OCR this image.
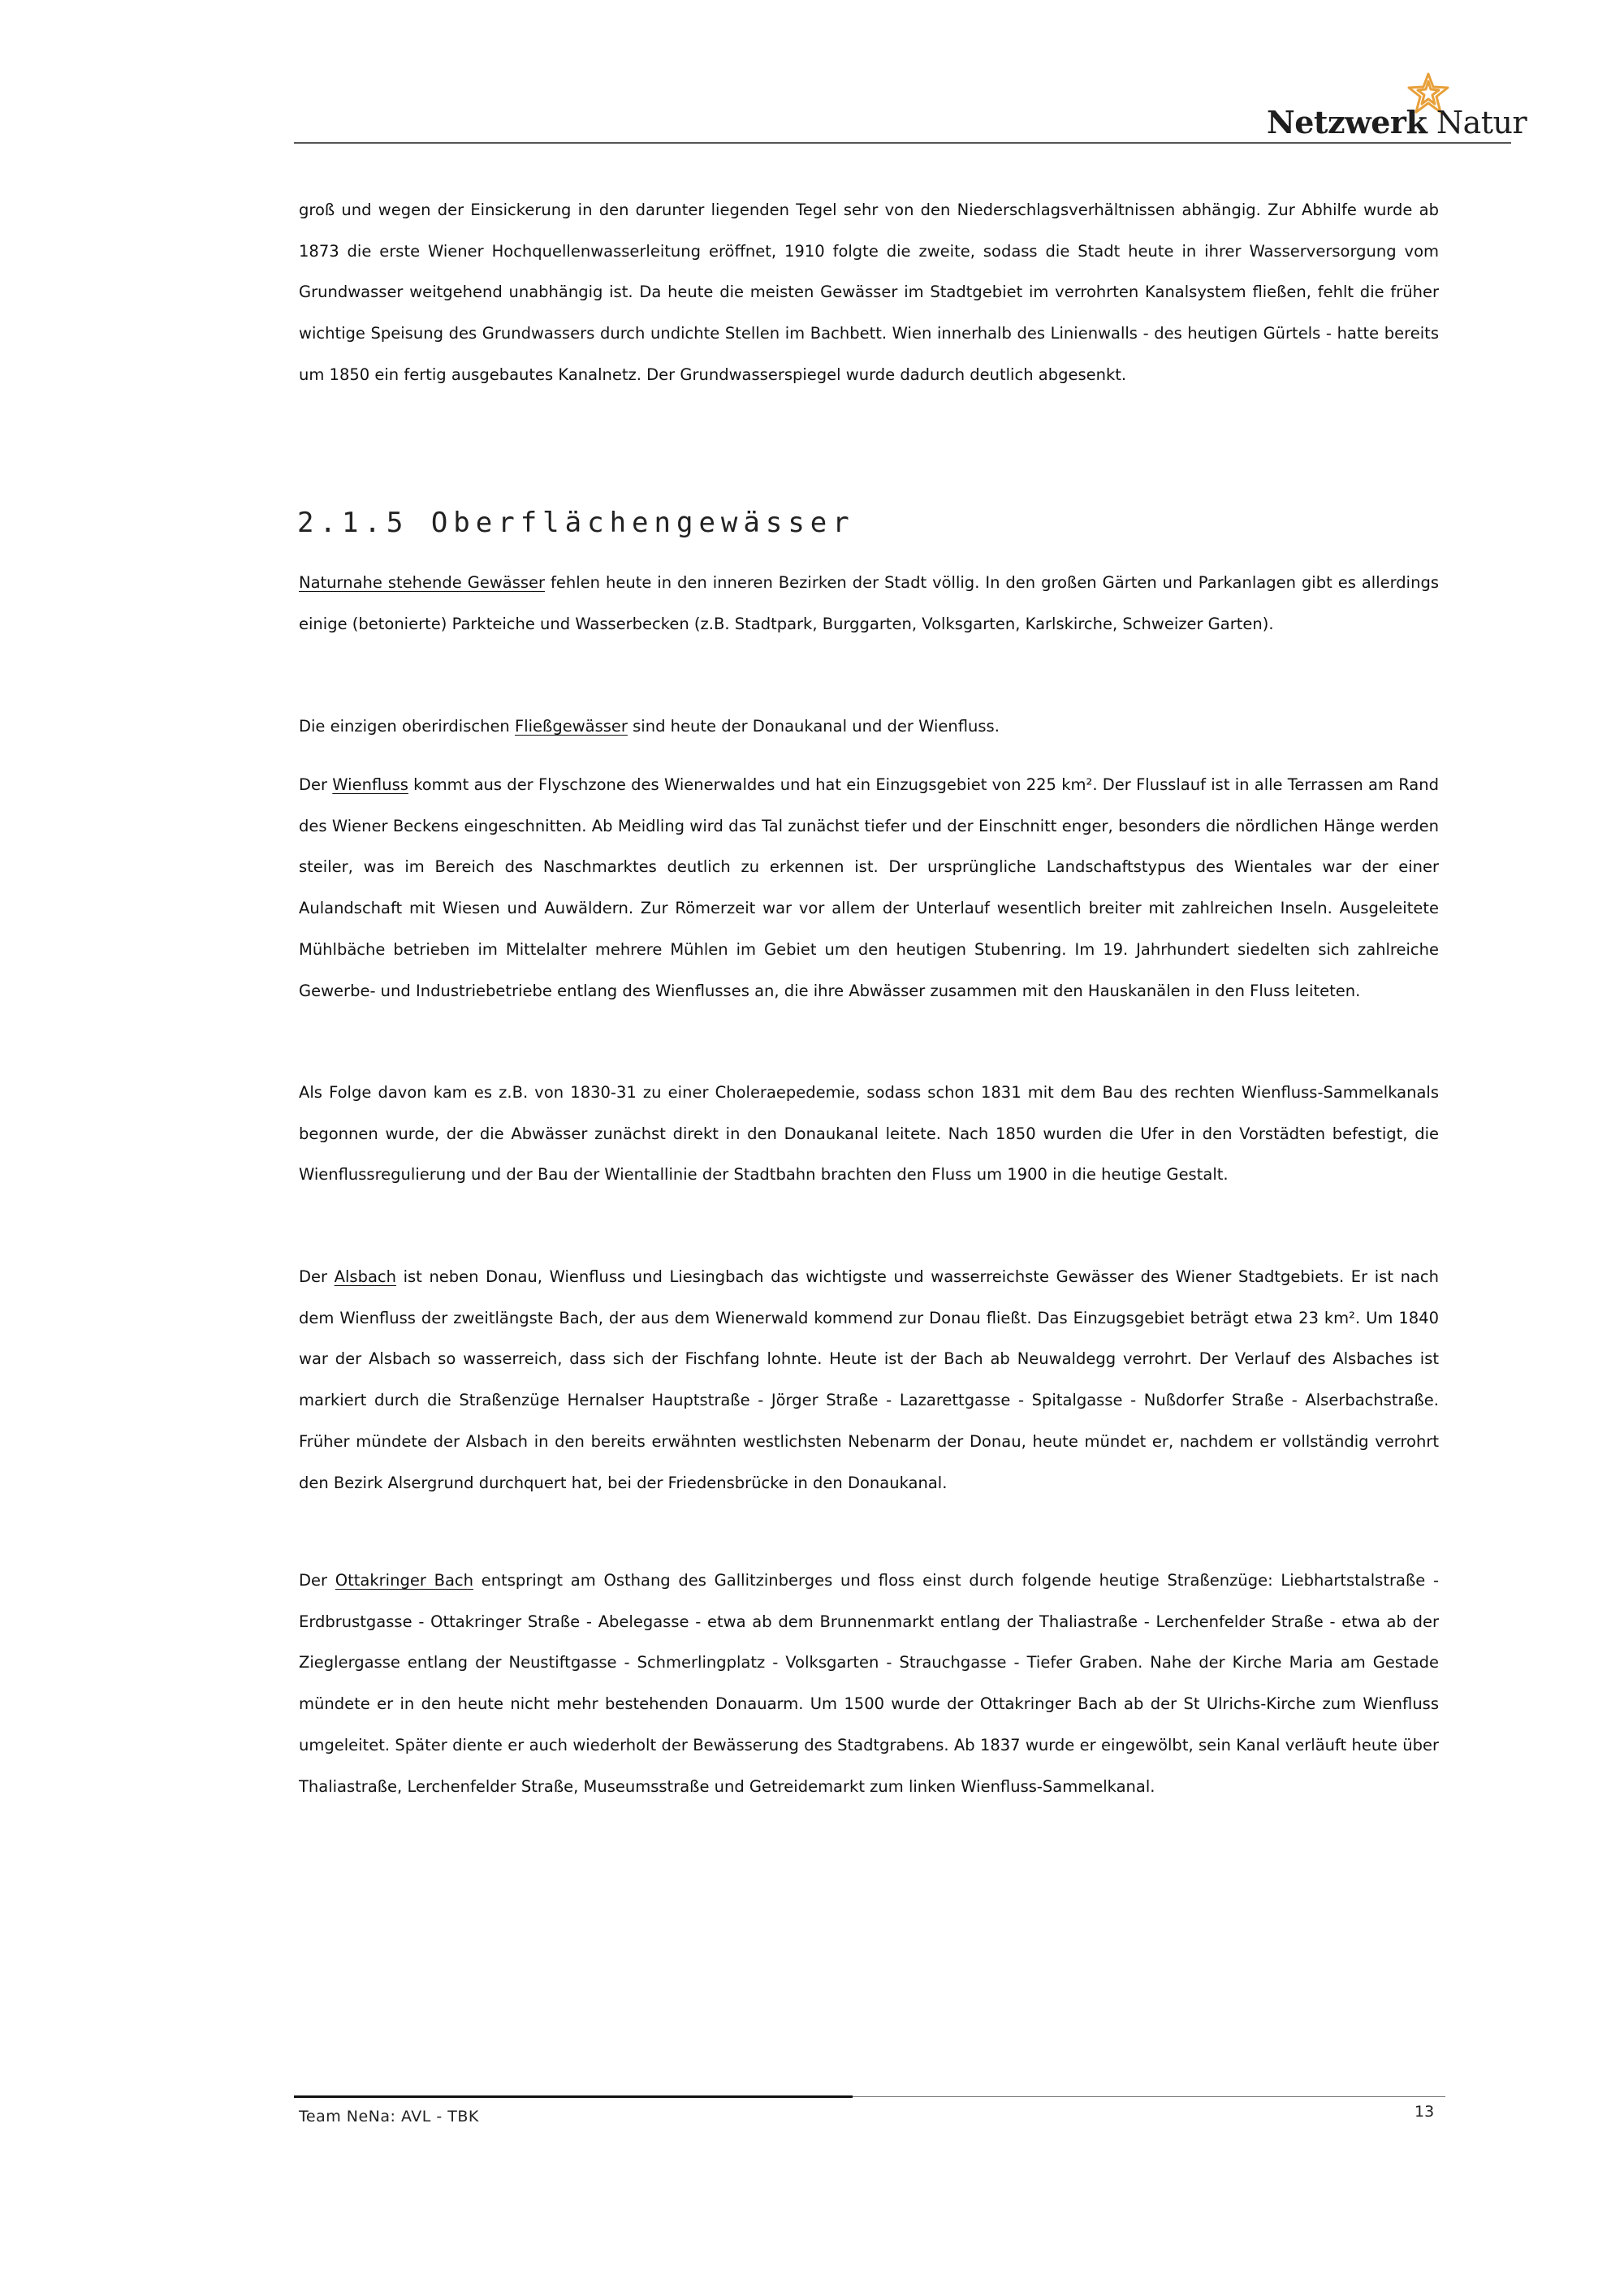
Netzwerk Natur

groß und wegen der Einsickerung in den darunter liegenden Tegel sehr von den Niederschlagsverhältnissen abhängig. Zur Abhilfe wurde ab 1873 die erste Wiener Hochquellenwasserleitung eröffnet, 1910 folgte die zweite, sodass die Stadt heute in ihrer Wasserversorgung vom Grundwasser weitgehend unabhängig ist. Da heute die meisten Gewässer im Stadtgebiet im verrohrten Kanalsystem fließen, fehlt die früher wichtige Speisung des Grundwassers durch undichte Stellen im Bachbett. Wien innerhalb des Linienwalls - des heutigen Gürtels - hatte bereits um 1850 ein fertig ausgebautes Kanalnetz. Der Grundwasserspiegel wurde dadurch deutlich abgesenkt.

2.1.5 Oberflächengewässer

Naturnahe stehende Gewässer fehlen heute in den inneren Bezirken der Stadt völlig. In den großen Gärten und Parkanlagen gibt es allerdings einige (betonierte) Parkteiche und Wasserbecken (z.B. Stadtpark, Burggarten, Volksgarten, Karlskirche, Schweizer Garten).

Die einzigen oberirdischen Fließgewässer sind heute der Donaukanal und der Wienfluss.

Der Wienfluss kommt aus der Flyschzone des Wienerwaldes und hat ein Einzugsgebiet von 225 km². Der Flusslauf ist in alle Terrassen am Rand des Wiener Beckens eingeschnitten. Ab Meidling wird das Tal zunächst tiefer und der Einschnitt enger, besonders die nördlichen Hänge werden steiler, was im Bereich des Naschmarktes deutlich zu erkennen ist. Der ursprüngliche Landschaftstypus des Wientales war der einer Aulandschaft mit Wiesen und Auwäldern. Zur Römerzeit war vor allem der Unterlauf wesentlich breiter mit zahlreichen Inseln. Ausgeleitete Mühlbäche betrieben im Mittelalter mehrere Mühlen im Gebiet um den heutigen Stubenring. Im 19. Jahrhundert siedelten sich zahlreiche Gewerbe- und Industriebetriebe entlang des Wienflusses an, die ihre Abwässer zusammen mit den Hauskanälen in den Fluss leiteten.

Als Folge davon kam es z.B. von 1830-31 zu einer Choleraepedemie, sodass schon 1831 mit dem Bau des rechten Wienfluss-Sammelkanals begonnen wurde, der die Abwässer zunächst direkt in den Donaukanal leitete. Nach 1850 wurden die Ufer in den Vorstädten befestigt, die Wienflussregulierung und der Bau der Wientallinie der Stadtbahn brachten den Fluss um 1900 in die heutige Gestalt.

Der Alsbach ist neben Donau, Wienfluss und Liesingbach das wichtigste und wasserreichste Gewässer des Wiener Stadtgebiets. Er ist nach dem Wienfluss der zweitlängste Bach, der aus dem Wienerwald kommend zur Donau fließt. Das Einzugsgebiet beträgt etwa 23 km². Um 1840 war der Alsbach so wasserreich, dass sich der Fischfang lohnte. Heute ist der Bach ab Neuwaldegg verrohrt. Der Verlauf des Alsbaches ist markiert durch die Straßenzüge Hernalser Hauptstraße - Jörger Straße - Lazarettgasse - Spitalgasse - Nußdorfer Straße - Alserbachstraße. Früher mündete der Alsbach in den bereits erwähnten westlichsten Nebenarm der Donau, heute mündet er, nachdem er vollständig verrohrt den Bezirk Alsergrund durchquert hat, bei der Friedensbrücke in den Donaukanal.

Der Ottakringer Bach entspringt am Osthang des Gallitzinberges und floss einst durch folgende heutige Straßenzüge: Liebhartstalstraße - Erdbrustgasse - Ottakringer Straße - Abelegasse - etwa ab dem Brunnenmarkt entlang der Thaliastraße - Lerchenfelder Straße - etwa ab der Zieglergasse entlang der Neustiftgasse - Schmerlingplatz - Volksgarten - Strauchgasse - Tiefer Graben. Nahe der Kirche Maria am Gestade mündete er in den heute nicht mehr bestehenden Donauarm. Um 1500 wurde der Ottakringer Bach ab der St Ulrichs-Kirche zum Wienfluss umgeleitet. Später diente er auch wiederholt der Bewässerung des Stadtgrabens. Ab 1837 wurde er eingewölbt, sein Kanal verläuft heute über Thaliastraße, Lerchenfelder Straße, Museumsstraße und Getreidemarkt zum linken Wienfluss-Sammelkanal.

Team NeNa: AVL - TBK	13
